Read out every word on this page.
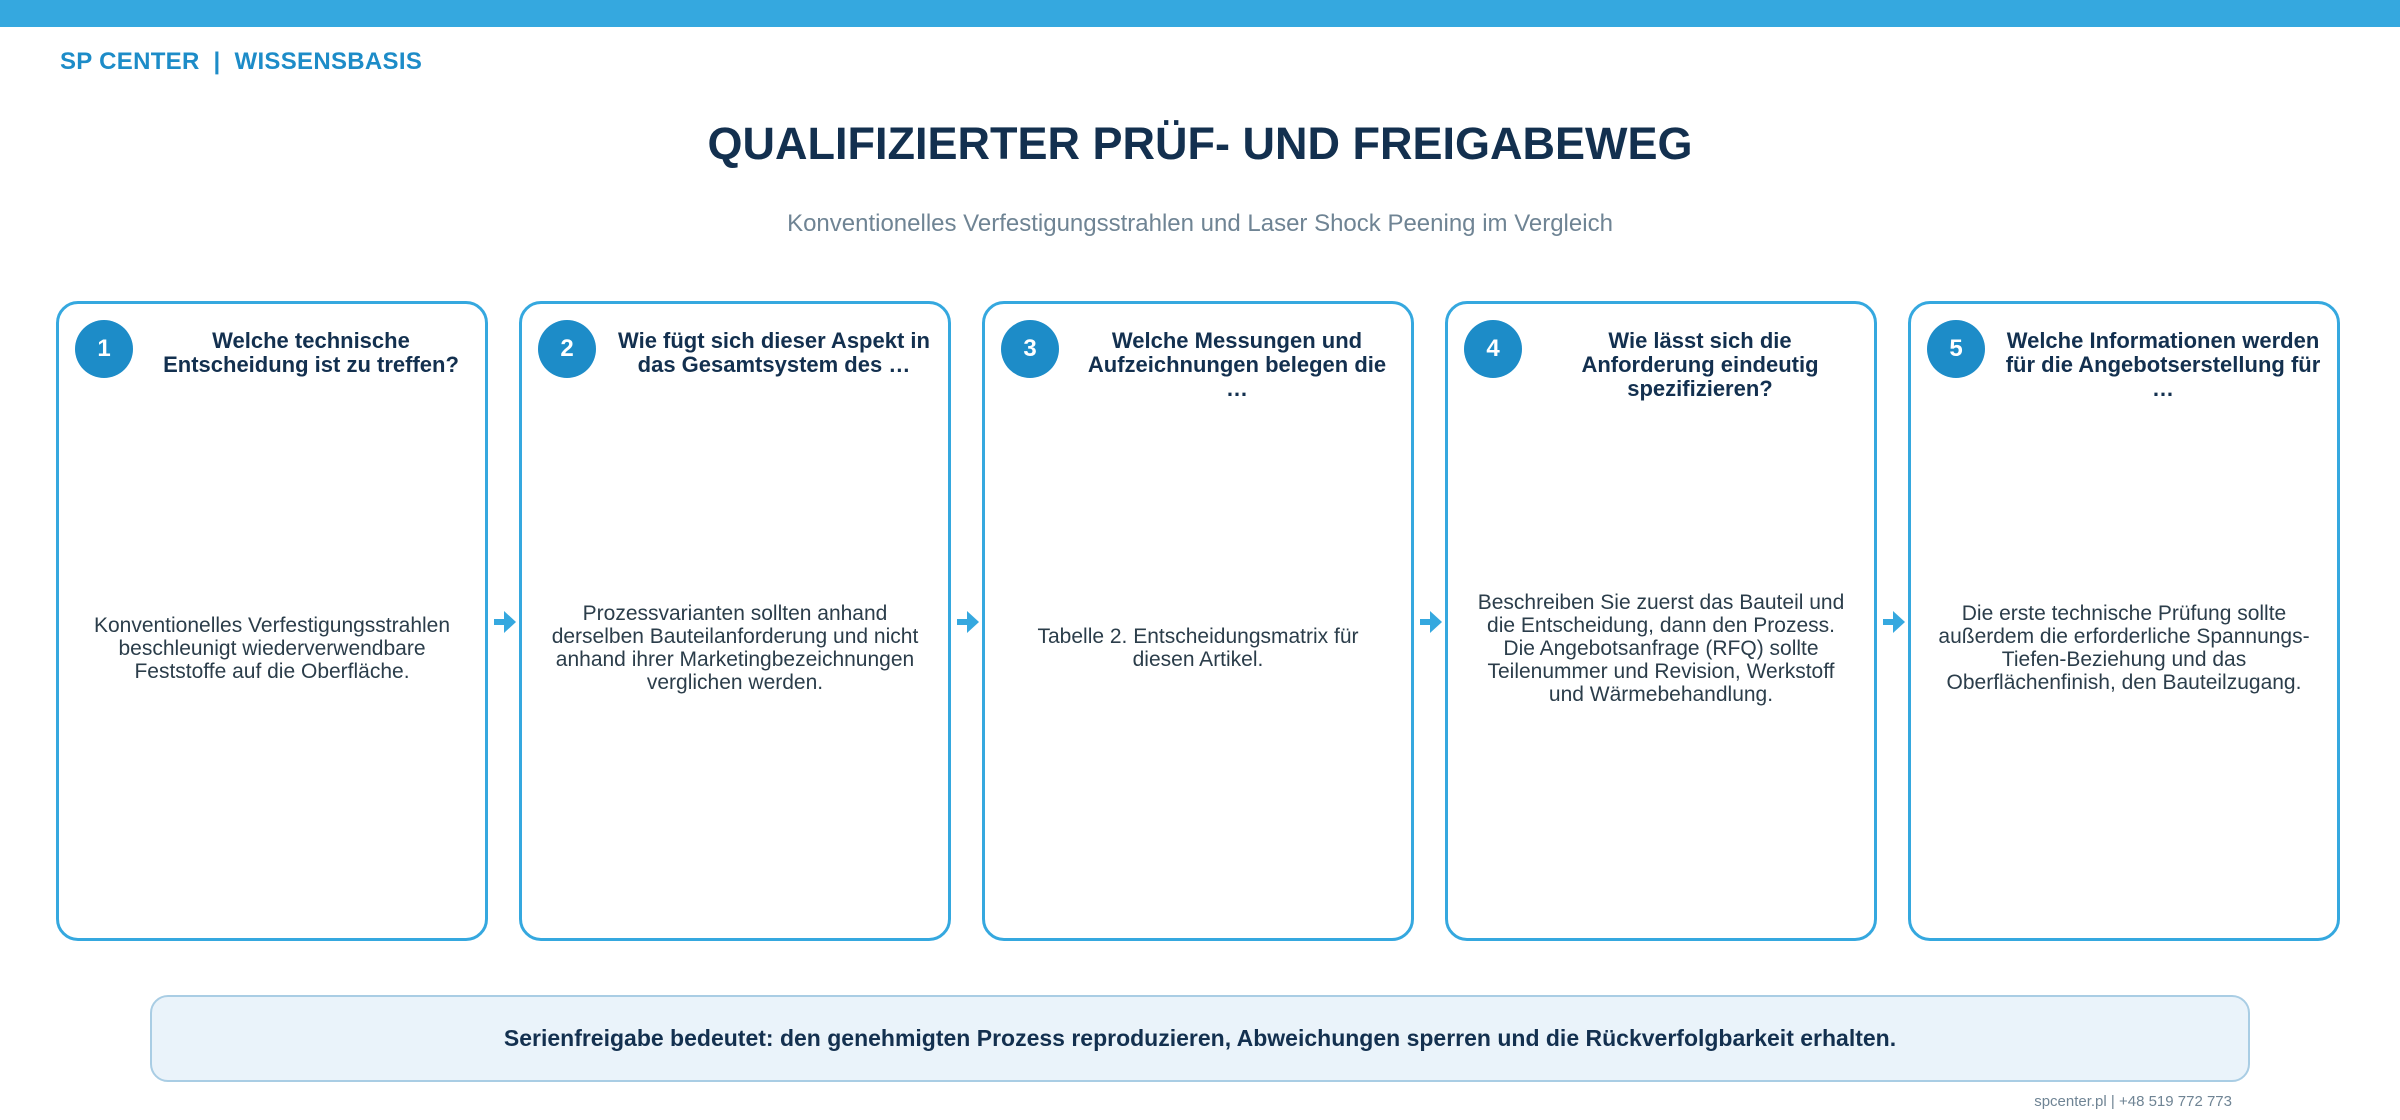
SP CENTER  |  WISSENSBASIS
QUALIFIZIERTER PRÜF- UND FREIGABEWEG
Konventionelles Verfestigungsstrahlen und Laser Shock Peening im Vergleich
1	Welche technische Entscheidung ist zu treffen?
Konventionelles Verfestigungsstrahlen beschleunigt wiederverwendbare Feststoffe auf die Oberfläche.
2	Wie fügt sich dieser Aspekt in das Gesamtsystem des …
Prozessvarianten sollten anhand derselben Bauteilanforderung und nicht anhand ihrer Marketingbezeichnungen verglichen werden.
3	Welche Messungen und Aufzeichnungen belegen die …
Tabelle 2. Entscheidungsmatrix für diesen Artikel.
4	Wie lässt sich die Anforderung eindeutig spezifizieren?
Beschreiben Sie zuerst das Bauteil und die Entscheidung, dann den Prozess. Die Angebotsanfrage (RFQ) sollte Teilenummer und Revision, Werkstoff und Wärmebehandlung.
5	Welche Informationen werden für die Angebotserstellung für …
Die erste technische Prüfung sollte außerdem die erforderliche Spannungs-Tiefen-Beziehung und das Oberflächenfinish, den Bauteilzugang.
Serienfreigabe bedeutet: den genehmigten Prozess reproduzieren, Abweichungen sperren und die Rückverfolgbarkeit erhalten.
spcenter.pl | +48 519 772 773
